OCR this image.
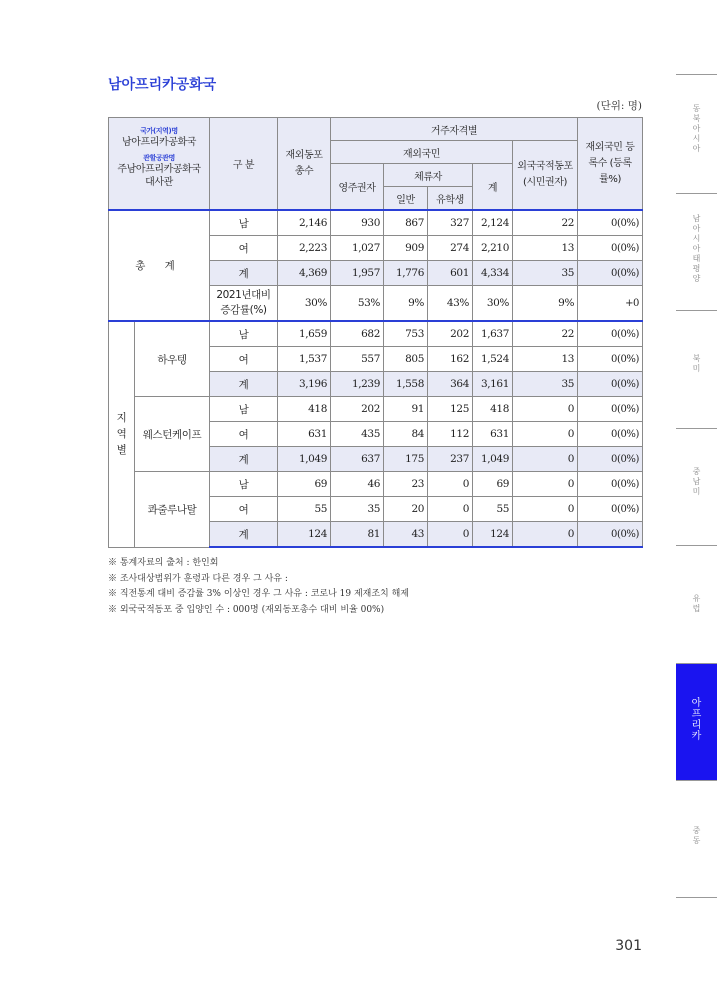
남아프리카공화국
(단위: 명)
국가(지역)명
남아프리카공화국
관할공관명
주남아프리카공화국 대사관		구 분	재외동포 총수	거주자격별					재외국민 등록수 (등록률%)
				재외국민				외국국적동포 (시민권자)	
				영주권자	체류자		계		
					일반	유학생			
총 계		남	2,146	930	867	327	2,124	22	0(0%)
		여	2,223	1,027	909	274	2,210	13	0(0%)
		계	4,369	1,957	1,776	601	4,334	35	0(0%)
		2021년대비 증감률(%)	30%	53%	9%	43%	30%	9%	+0
지 역 별	하우텡	남	1,659	682	753	202	1,637	22	0(0%)
		여	1,537	557	805	162	1,524	13	0(0%)
		계	3,196	1,239	1,558	364	3,161	35	0(0%)
	웨스턴케이프	남	418	202	91	125	418	0	0(0%)
		여	631	435	84	112	631	0	0(0%)
		계	1,049	637	175	237	1,049	0	0(0%)
	콰줄루나탈	남	69	46	23	0	69	0	0(0%)
		여	55	35	20	0	55	0	0(0%)
		계	124	81	43	0	124	0	0(0%)
※ 통계자료의 출처 : 한인회
※ 조사대상범위가 훈령과 다른 경우 그 사유 :
※ 직전통계 대비 증감률 3% 이상인 경우 그 사유 : 코로나 19 제재조치 해제
※ 외국국적동포 중 입양인 수 : 000명 (재외동포총수 대비 비율 00%)
동북아시아
남아시아태평양
북미
중남미
유럽
아프리카
중동
301
